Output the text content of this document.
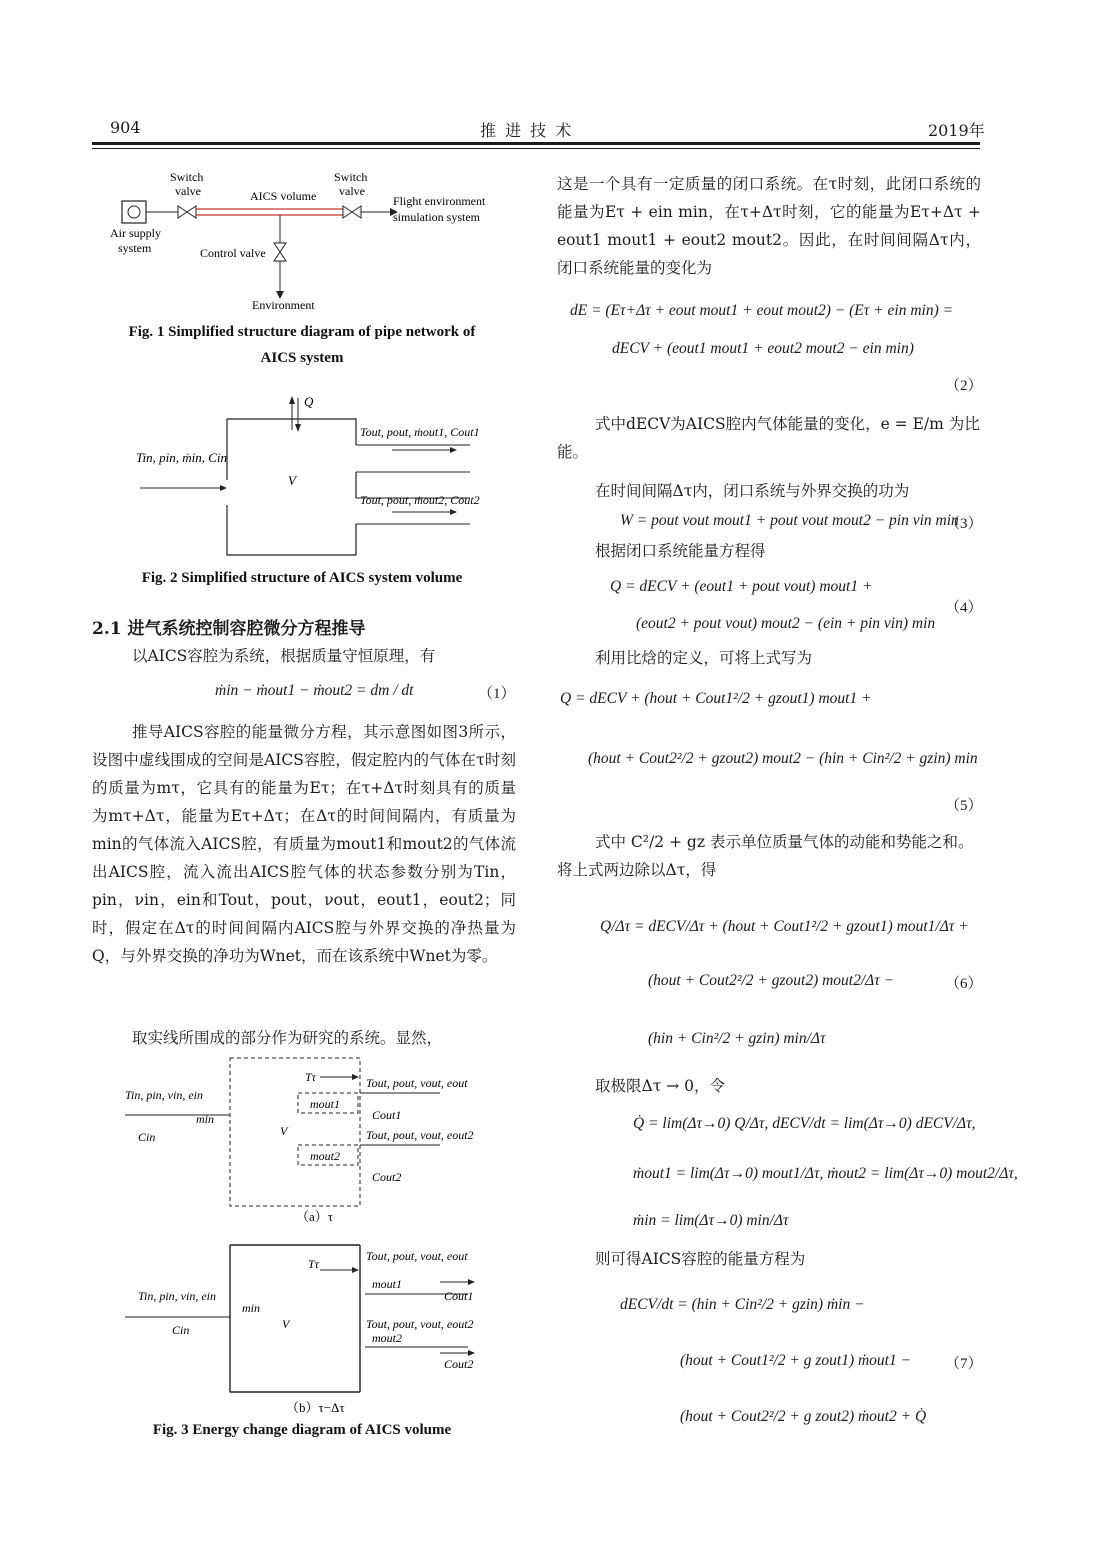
904	推 进 技 术	2019年
Switch
valve
Switch
valve
AICS volume	Flight environment
simulation system
Air supply
system	Control valve
Environment
Fig. 1 Simplified structure diagram of pipe network of
AICS system
Q
Tin, pin, ṁin, Cin
V
Tout, pout, ṁout1, Cout1
Tout, pout, ṁout2, Cout2
Fig. 2 Simplified structure of AICS system volume
2.1 进气系统控制容腔微分方程推导
以AICS容腔为系统，根据质量守恒原理，有
ṁin − ṁout1 − ṁout2 = dm / dt	（1）
推导AICS容腔的能量微分方程，其示意图如图3所示，设图中虚线围成的空间是AICS容腔，假定腔内的气体在τ时刻的质量为mτ，它具有的能量为Eτ；在τ+Δτ时刻具有的质量为mτ+Δτ，能量为Eτ+Δτ；在Δτ的时间间隔内，有质量为min的气体流入AICS腔，有质量为mout1和mout2的气体流出AICS腔，流入流出AICS腔气体的状态参数分别为Tin，pin，νin，ein和Tout，pout，νout，eout1，eout2；同时，假定在Δτ的时间间隔内AICS腔与外界交换的净热量为Q，与外界交换的净功为Wnet，而在该系统中Wnet为零。
取实线所围成的部分作为研究的系统。显然，
Tin, pin, νin, ein
min
Cin	V
Tτ	Tout, pout, νout, eout
mout1
Cout1
Tout, pout, νout, eout2
mout2
Cout2
（a）τ
Tin, pin, νin, ein
min
Cin	V
Tτ
Tout, pout, νout, eout
mout1
Cout1
Tout, pout, νout, eout2
mout2
Cout2
（b）τ−Δτ
Fig. 3 Energy change diagram of AICS volume
这是一个具有一定质量的闭口系统。在τ时刻，此闭口系统的能量为Eτ + ein min，在τ+Δτ时刻，它的能量为Eτ+Δτ + eout1 mout1 + eout2 mout2。因此，在时间间隔Δτ内，闭口系统能量的变化为
dE = (Eτ+Δτ + eout mout1 + eout mout2) − (Eτ + ein min) =
dECV + (eout1 mout1 + eout2 mout2 − ein min)
（2）
式中dECV为AICS腔内气体能量的变化，e = E/m 为比能。
在时间间隔Δτ内，闭口系统与外界交换的功为
W = pout νout mout1 + pout νout mout2 − pin νin min
（3）
根据闭口系统能量方程得
Q = dECV + (eout1 + pout νout) mout1 +
(eout2 + pout νout) mout2 − (ein + pin νin) min
（4）
利用比焓的定义，可将上式写为
Q = dECV + (hout + Cout1²/2 + gzout1) mout1 +
(hout + Cout2²/2 + gzout2) mout2 − (hin + Cin²/2 + gzin) min
（5）
式中 C²/2 + gz 表示单位质量气体的动能和势能之和。将上式两边除以Δτ，得
Q/Δτ = dECV/Δτ + (hout + Cout1²/2 + gzout1) mout1/Δτ +
(hout + Cout2²/2 + gzout2) mout2/Δτ −
(hin + Cin²/2 + gzin) min/Δτ
（6）
取极限Δτ → 0，令
Q̇ = lim(Δτ→0) Q/Δτ, dECV/dt = lim(Δτ→0) dECV/Δτ,
ṁout1 = lim(Δτ→0) mout1/Δτ, ṁout2 = lim(Δτ→0) mout2/Δτ,
ṁin = lim(Δτ→0) min/Δτ
则可得AICS容腔的能量方程为
dECV/dt = (hin + Cin²/2 + gzin) ṁin −
(hout + Cout1²/2 + g zout1) ṁout1 −
(hout + Cout2²/2 + g zout2) ṁout2 + Q̇
（7）
